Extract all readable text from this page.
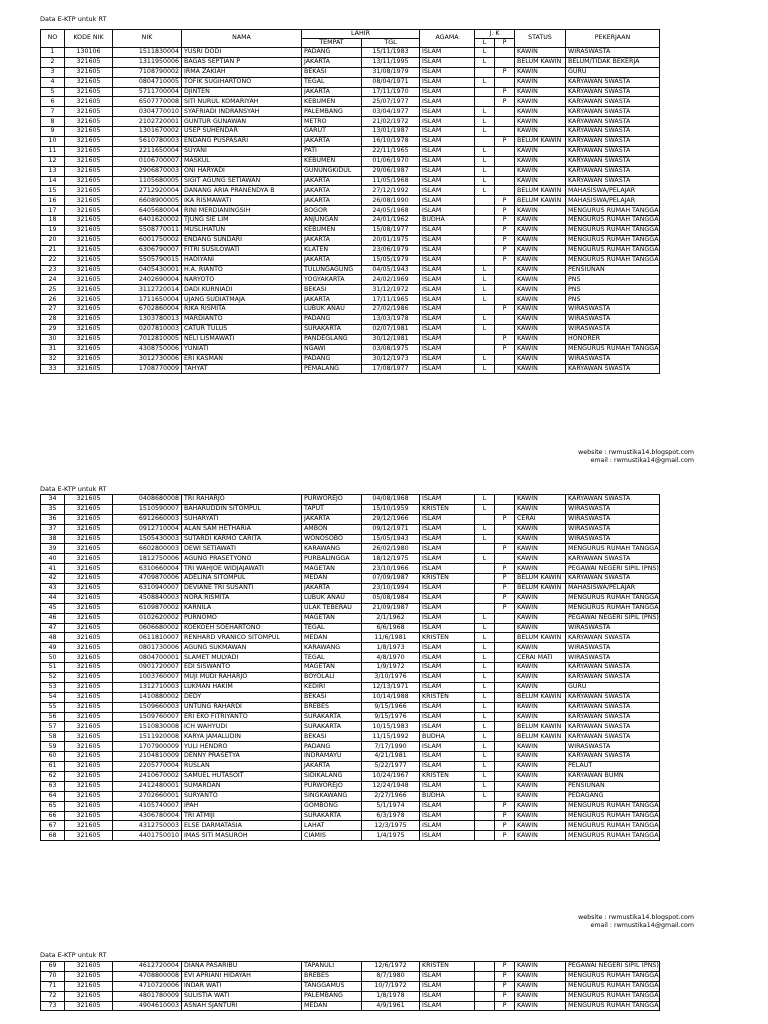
Data E-KTP untuk RT
NO	KODE NIK	NIK	NAMA	LAHIR		AGAMA	J. K		STATUS	PEKERJAAN
				TEMPAT	TGL		L	P		
1	130106	1511830004	YUSRI DODI	PADANG	15/11/1983	ISLAM	L		KAWIN	WIRASWASTA
2	321605	1311950006	BAGAS SEPTIAN P	JAKARTA	13/11/1995	ISLAM	L		BELUM KAWIN	BELUM/TIDAK BEKERJA
3	321605	7108790002	IRMA ZAKIAH	BEKASI	31/08/1979	ISLAM		P	KAWIN	GURU
4	321605	0804710005	TOFIK SUGIHARTONO	TEGAL	08/04/1971	ISLAM	L		KAWIN	KARYAWAN SWASTA
5	321605	5711700004	DJINTEN	JAKARTA	17/11/1970	ISLAM		P	KAWIN	KARYAWAN SWASTA
6	321605	6507770008	SITI NURUL KOMARIYAH	KEBUMEN	25/07/1977	ISLAM		P	KAWIN	KARYAWAN SWASTA
7	321605	0304770010	SYAFRIADI INDRANSYAH	PALEMBANG	03/04/1977	ISLAM	L		KAWIN	KARYAWAN SWASTA
8	321605	2102720001	GUNTUR GUNAWAN	METRO	21/02/1972	ISLAM	L		KAWIN	KARYAWAN SWASTA
9	321605	1301670002	USEP SUHENDAR	GARUT	13/01/1987	ISLAM	L		KAWIN	KARYAWAN SWASTA
10	321605	5610780003	ENDANG PUSPASARI	JAKARTA	16/10/1978	ISLAM		P	BELUM KAWIN	KARYAWAN SWASTA
11	321605	2211650004	SUYANI	PATI	22/11/1965	ISLAM	L		KAWIN	KARYAWAN SWASTA
12	321605	0106700007	MASKUL	KEBUMEN	01/06/1970	ISLAM	L		KAWIN	KARYAWAN SWASTA
13	321605	2906870003	ONI HARYADI	GUNUNGKIDUL	29/06/1987	ISLAM	L		KAWIN	KARYAWAN SWASTA
14	321605	1105680005	SIGIT AGUNG SETIAWAN	JAKARTA	11/05/1968	ISLAM	L		KAWIN	KARYAWAN SWASTA
15	321605	2712920004	DANANG ARIA PRANENDYA B	JAKARTA	27/12/1992	ISLAM	L		BELUM KAWIN	MAHASISWA/PELAJAR
16	321605	6608900005	IKA RISMAWATI	JAKARTA	26/08/1990	ISLAM		P	BELUM KAWIN	MAHASISWA/PELAJAR
17	321605	6405680004	RINI MERDIANINGSIH	BOGOR	24/05/1968	ISLAM		P	KAWIN	MENGURUS RUMAH TANGGA
18	321605	6401620002	TJUNG SIE LIM	ANJUNGAN	24/01/1962	BUDHA		P	KAWIN	MENGURUS RUMAH TANGGA
19	321605	5508770011	MUSLIHATUN	KEBUMEN	15/08/1977	ISLAM		P	KAWIN	MENGURUS RUMAH TANGGA
20	321605	6001750002	ENDANG SUNDARI	JAKARTA	20/01/1975	ISLAM		P	KAWIN	MENGURUS RUMAH TANGGA
21	321605	6306790007	FITRI SUSILOWATI	KLATEN	23/06/1979	ISLAM		P	KAWIN	MENGURUS RUMAH TANGGA
22	321605	5505790015	HADIYANI	JAKARTA	15/05/1979	ISLAM		P	KAWIN	MENGURUS RUMAH TANGGA
23	321605	0405430001	H.A. RIANTO	TULUNGAGUNG	04/05/1943	ISLAM	L		KAWIN	PENSIUNAN
24	321605	2402690004	NARYOTO	YOGYAKARTA	24/02/1969	ISLAM	L		KAWIN	PNS
25	321605	3112720014	DADI KURNIADI	BEKASI	31/12/1972	ISLAM	L		KAWIN	PNS
26	321605	1711650004	UJANG SUDIATMAJA	JAKARTA	17/11/1965	ISLAM	L		KAWIN	PNS
27	321605	6702860004	RIKA RISMITA	LUBUK ANAU	27/02/1986	ISLAM		P	KAWIN	WIRASWASTA
28	321605	1303780013	MARDIANTO	PADANG	13/03/1978	ISLAM	L		KAWIN	WIRASWASTA
29	321605	0207810003	CATUR TULUS	SURAKARTA	02/07/1981	ISLAM	L		KAWIN	WIRASWASTA
30	321605	7012810005	NELI LISMAWATI	PANDEGLANG	30/12/1981	ISLAM		P	KAWIN	HONORER
31	321605	4308750006	YUNIATI	NGAWI	03/08/1975	ISLAM		P	KAWIN	MENGURUS RUMAH TANGGA
32	321605	3012730006	ERI KASMAN	PADANG	30/12/1973	ISLAM	L		KAWIN	WIRASWASTA
33	321605	1708770009	TAHYAT	PEMALANG	17/08/1977	ISLAM	L		KAWIN	KARYAWAN SWASTA
website : rwmustika14.blogspot.com
email : rwmustika14@gmail.com
Data E-KTP untuk RT
34	321605	0408680008	TRI RAHARJO	PURWOREJO	04/08/1968	ISLAM	L		KAWIN	KARYAWAN SWASTA
35	321605	1510590007	BAHARUDDIN SITOMPUL	TAPUT	15/10/1959	KRISTEN	L		KAWIN	WIRASWASTA
36	321605	6912660003	SUHARYATI	JAKARTA	29/12/1966	ISLAM		P	CERAI	WIRASWASTA
37	321605	0912710004	ALAN SAM HETHARIA	AMBON	09/12/1971	ISLAM	L		KAWIN	WIRASWASTA
38	321605	1505430003	SUTARDI KARMO CARITA	WONOSOBO	15/05/1943	ISLAM	L		KAWIN	WIRASWASTA
39	321605	6602800003	DEWI SETIAWATI	KARAWANG	26/02/1980	ISLAM		P	KAWIN	MENGURUS RUMAH TANGGA
40	321605	1812750006	AGUNG PRASETYONO	PURBALINGGA	18/12/1975	ISLAM	L		KAWIN	KARYAWAN SWASTA
41	321605	6310660004	TRI WAHJOE WIDJAJAWATI	MAGETAN	23/10/1966	ISLAM		P	KAWIN	PEGAWAI NEGERI SIPIL (PNS)
42	321605	4709870006	ADELINA SITOMPUL	MEDAN	07/09/1987	KRISTEN		P	BELUM KAWIN	KARYAWAN SWASTA
43	321605	6310940007	DEVIANE TRI SUSANTI	JAKARTA	23/10/1994	ISLAM		P	BELUM KAWIN	MAHASISWA/PELAJAR
44	321605	4508840003	NORA RISMITA	LUBUK ANAU	05/08/1984	ISLAM		P	KAWIN	MENGURUS RUMAH TANGGA
45	321605	6109870002	KARNILA	ULAK TEBERAU	21/09/1987	ISLAM		P	KAWIN	MENGURUS RUMAH TANGGA
46	321605	0102620002	PURNOMO	MAGETAN	2/1/1962	ISLAM	L		KAWIN	PEGAWAI NEGERI SIPIL (PNS)
47	321605	0606680002	KOEKOEH SOEHARTONO	TEGAL	6/6/1968	ISLAM	L		KAWIN	WIRASWASTA
48	321605	0611810007	RENHARD VRANICO SITOMPUL	MEDAN	11/6/1981	KRISTEN	L		BELUM KAWIN	KARYAWAN SWASTA
49	321605	0801730006	AGUNG SUKMAWAN	KARAWANG	1/8/1973	ISLAM	L		KAWIN	WIRASWASTA
50	321605	0804700001	SLAMET MULYADI	TEGAL	4/8/1970	ISLAM	L		CERAI MATI	WIRASWASTA
51	321605	0901720007	EDI SISWANTO	MAGETAN	1/9/1972	ISLAM	L		KAWIN	KARYAWAN SWASTA
52	321605	1003760007	MUJI MUDI RAHARJO	BOYOLALI	3/10/1976	ISLAM	L		KAWIN	KARYAWAN SWASTA
53	321605	1312710003	LUKMAN HAKIM	KEDIRI	12/13/1971	ISLAM	L		KAWIN	GURU
54	321605	1410880002	DEDY	BEKASI	10/14/1988	KRISTEN	L		BELUM KAWIN	KARYAWAN SWASTA
55	321605	1509660003	UNTUNG RAHARDI	BREBES	9/15/1966	ISLAM	L		KAWIN	KARYAWAN SWASTA
56	321605	1509760007	ERI EKO FITRIYANTO	SURAKARTA	9/15/1976	ISLAM	L		KAWIN	KARYAWAN SWASTA
57	321605	1510830008	ICH WAHYUDI	SURAKARTA	10/15/1983	ISLAM	L		BELUM KAWIN	KARYAWAN SWASTA
58	321605	1511920008	KARYA JAMALUDIN	BEKASI	11/15/1992	BUDHA	L		BELUM KAWIN	KARYAWAN SWASTA
59	321605	1707900009	YULI HENDRO	PADANG	7/17/1990	ISLAM	L		KAWIN	WIRASWASTA
60	321605	2104810009	DENNY PRASETYA	INDRAMAYU	4/21/1981	ISLAM	L		KAWIN	KARYAWAN SWASTA
61	321605	2205770004	RUSLAN	JAKARTA	5/22/1977	ISLAM	L		KAWIN	PELAUT
62	321605	2410670002	SAMUEL HUTASOIT	SIDIKALANG	10/24/1967	KRISTEN	L		KAWIN	KARYAWAN BUMN
63	321605	2412480001	SUMARDAN	PURWOREJO	12/24/1948	ISLAM	L		KAWIN	PENSIUNAN
64	321605	2702660001	SURYANTO	SINGKAWANG	2/27/1966	BUDHA	L		KAWIN	PEDAGANG
65	321605	4105740007	IPAH	GOMBONG	5/1/1974	ISLAM		P	KAWIN	MENGURUS RUMAH TANGGA
66	321605	4306780004	TRI ATMIJI	SURAKARTA	6/3/1978	ISLAM		P	KAWIN	MENGURUS RUMAH TANGGA
67	321605	4312750003	ELSE DARMATASIA	LAHAT	12/3/1975	ISLAM		P	KAWIN	MENGURUS RUMAH TANGGA
68	321605	4401750010	IMAS SITI MASUROH	CIAMIS	1/4/1975	ISLAM		P	KAWIN	MENGURUS RUMAH TANGGA
website : rwmustika14.blogspot.com
email : rwmustika14@gmail.com
Data E-KTP untuk RT
69	321605	4612720004	DIANA PASARIBU	TAPANULI	12/6/1972	KRISTEN		P	KAWIN	PEGAWAI NEGERI SIPIL (PNS)
70	321605	4708800008	EVI APRIANI HIDAYAH	BREBES	8/7/1980	ISLAM		P	KAWIN	MENGURUS RUMAH TANGGA
71	321605	4710720006	INDAR WATI	TANGGAMUS	10/7/1972	ISLAM		P	KAWIN	MENGURUS RUMAH TANGGA
72	321605	4801780009	SULISTIA WATI	PALEMBANG	1/8/1978	ISLAM		P	KAWIN	MENGURUS RUMAH TANGGA
73	321605	4904610003	ASNAH SJANTURI	MEDAN	4/9/1961	ISLAM		P	KAWIN	MENGURUS RUMAH TANGGA
